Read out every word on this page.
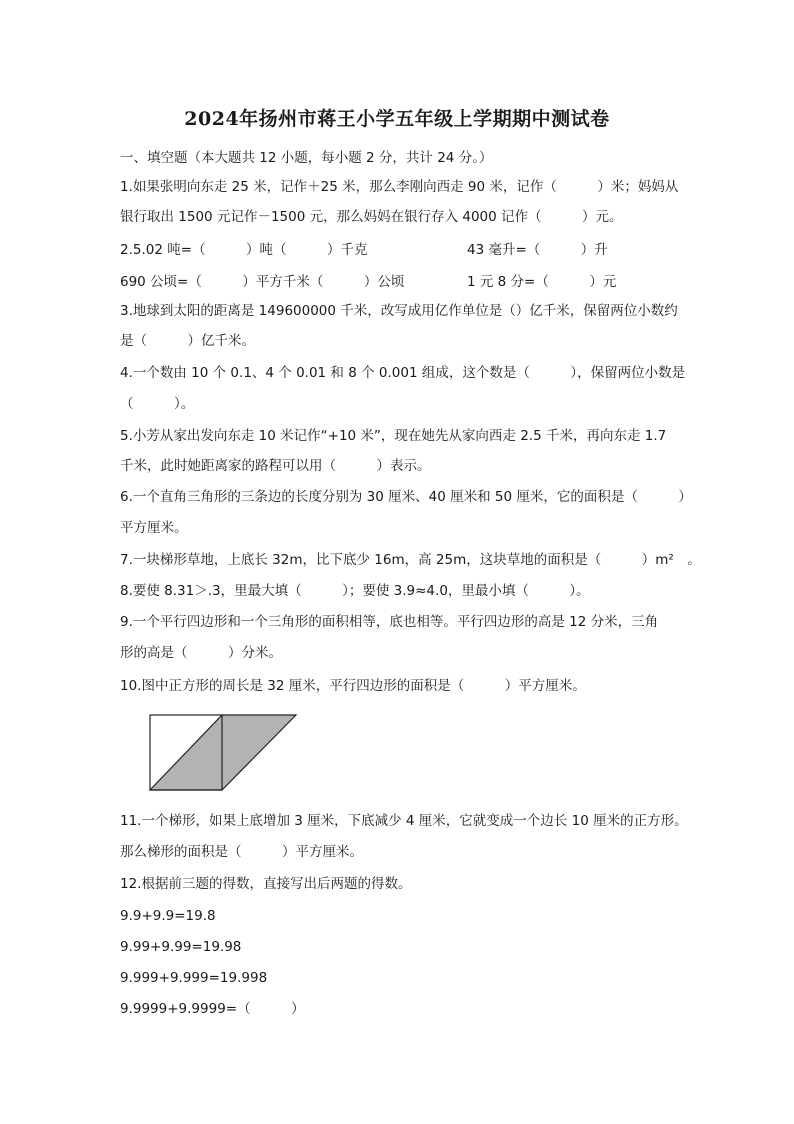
2024年扬州市蒋王小学五年级上学期期中测试卷
一、填空题（本大题共 12 小题，每小题 2 分，共计 24 分。）
1.如果张明向东走 25 米，记作＋25 米，那么李刚向西走 90 米，记作（　　　）米；妈妈从
银行取出 1500 元记作－1500 元，那么妈妈在银行存入 4000 记作（　　　）元。
2.5.02 吨=（　　　）吨（　　　）千克	43 毫升=（　　　）升
690 公顷=（　　　）平方千米（　　　）公顷	1 元 8 分=（　　　）元
3.地球到太阳的距离是 149600000 千米，改写成用亿作单位是（）亿千米，保留两位小数约
是（　　　）亿千米。
4.一个数由 10 个 0.1、4 个 0.01 和 8 个 0.001 组成，这个数是（　　　），保留两位小数是
（　　　）。
5.小芳从家出发向东走 10 米记作“+10 米”，现在她先从家向西走 2.5 千米，再向东走 1.7
千米，此时她距离家的路程可以用（　　　）表示。
6.一个直角三角形的三条边的长度分别为 30 厘米、40 厘米和 50 厘米，它的面积是（　　　）
平方厘米。
7.一块梯形草地，上底长 32m，比下底少 16m，高 25m，这块草地的面积是（　　　）m²　。
8.要使 8.31＞.3，里最大填（　　　）；要使 3.9≈4.0，里最小填（　　　）。
9.一个平行四边形和一个三角形的面积相等，底也相等。平行四边形的高是 12 分米，三角
形的高是（　　　）分米。
10.图中正方形的周长是 32 厘米，平行四边形的面积是（　　　）平方厘米。
11.一个梯形，如果上底增加 3 厘米，下底减少 4 厘米，它就变成一个边长 10 厘米的正方形。
那么梯形的面积是（　　　）平方厘米。
12.根据前三题的得数，直接写出后两题的得数。
9.9+9.9=19.8
9.99+9.99=19.98
9.999+9.999=19.998
9.9999+9.9999=（　　　）
